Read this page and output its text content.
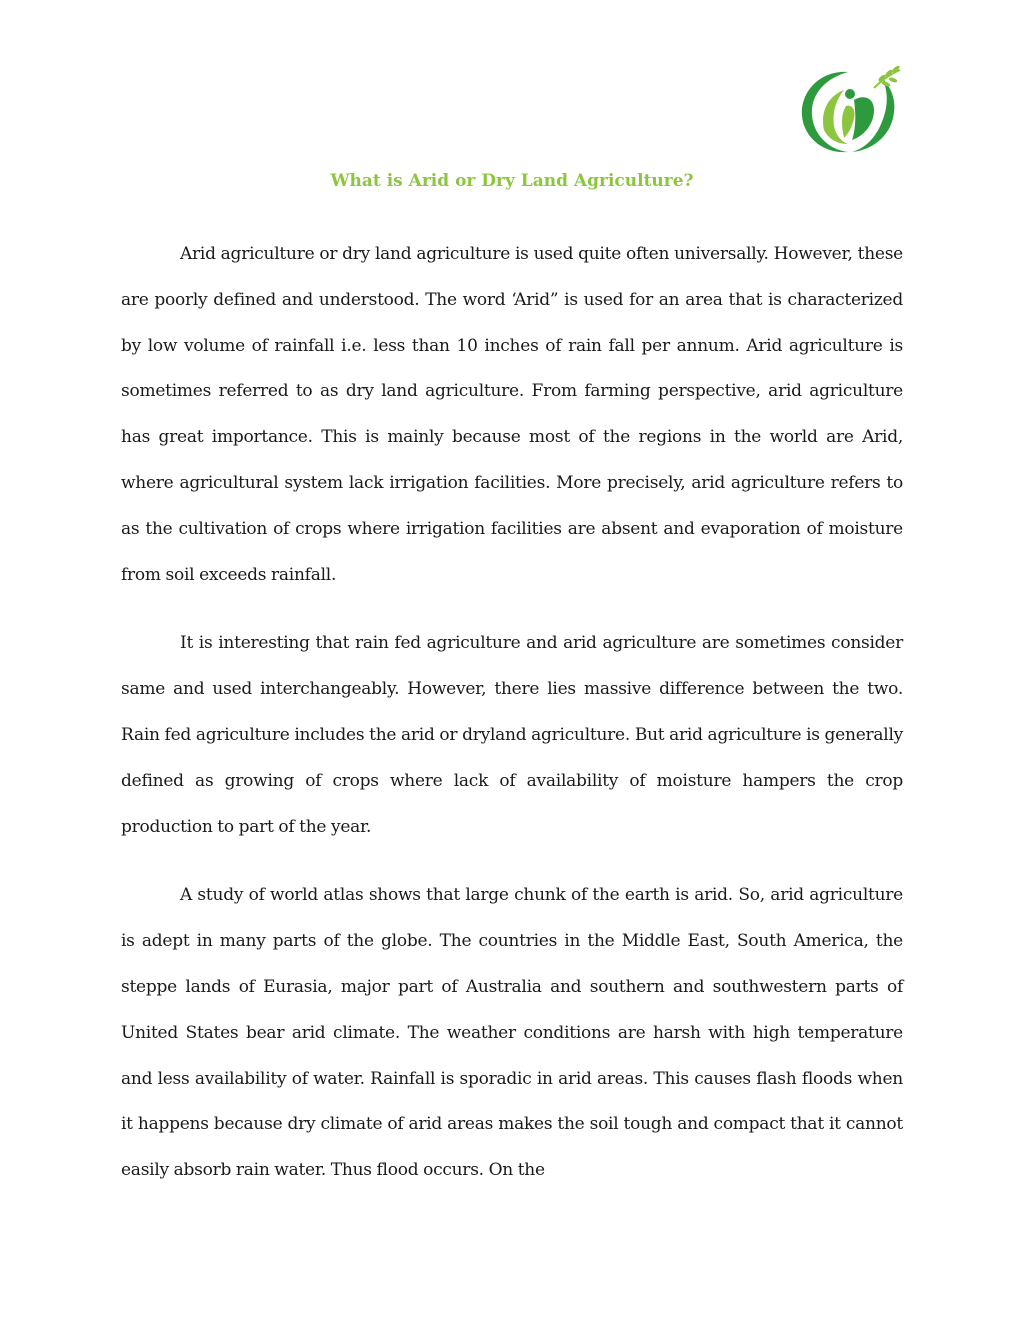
What is Arid or Dry Land Agriculture?

Arid agriculture or dry land agriculture is used quite often universally. However, these are poorly defined and understood. The word ‘Arid” is used for an area that is characterized by low volume of rainfall i.e. less than 10 inches of rain fall per annum. Arid agriculture is sometimes referred to as dry land agriculture. From farming perspective, arid agriculture has great importance. This is mainly because most of the regions in the world are Arid, where agricultural system lack irrigation facilities. More precisely, arid agriculture refers to as the cultivation of crops where irrigation facilities are absent and evaporation of moisture from soil exceeds rainfall.

It is interesting that rain fed agriculture and arid agriculture are sometimes consider same and used interchangeably. However, there lies massive difference between the two. Rain fed agriculture includes the arid or dryland agriculture. But arid agriculture is generally defined as growing of crops where lack of availability of moisture hampers the crop production to part of the year.

A study of world atlas shows that large chunk of the earth is arid. So, arid agriculture is adept in many parts of the globe. The countries in the Middle East, South America, the steppe lands of Eurasia, major part of Australia and southern and southwestern parts of United States bear arid climate. The weather conditions are harsh with high temperature and less availability of water. Rainfall is sporadic in arid areas. This causes flash floods when it happens because dry climate of arid areas makes the soil tough and compact that it cannot easily absorb rain water. Thus flood occurs. On the
